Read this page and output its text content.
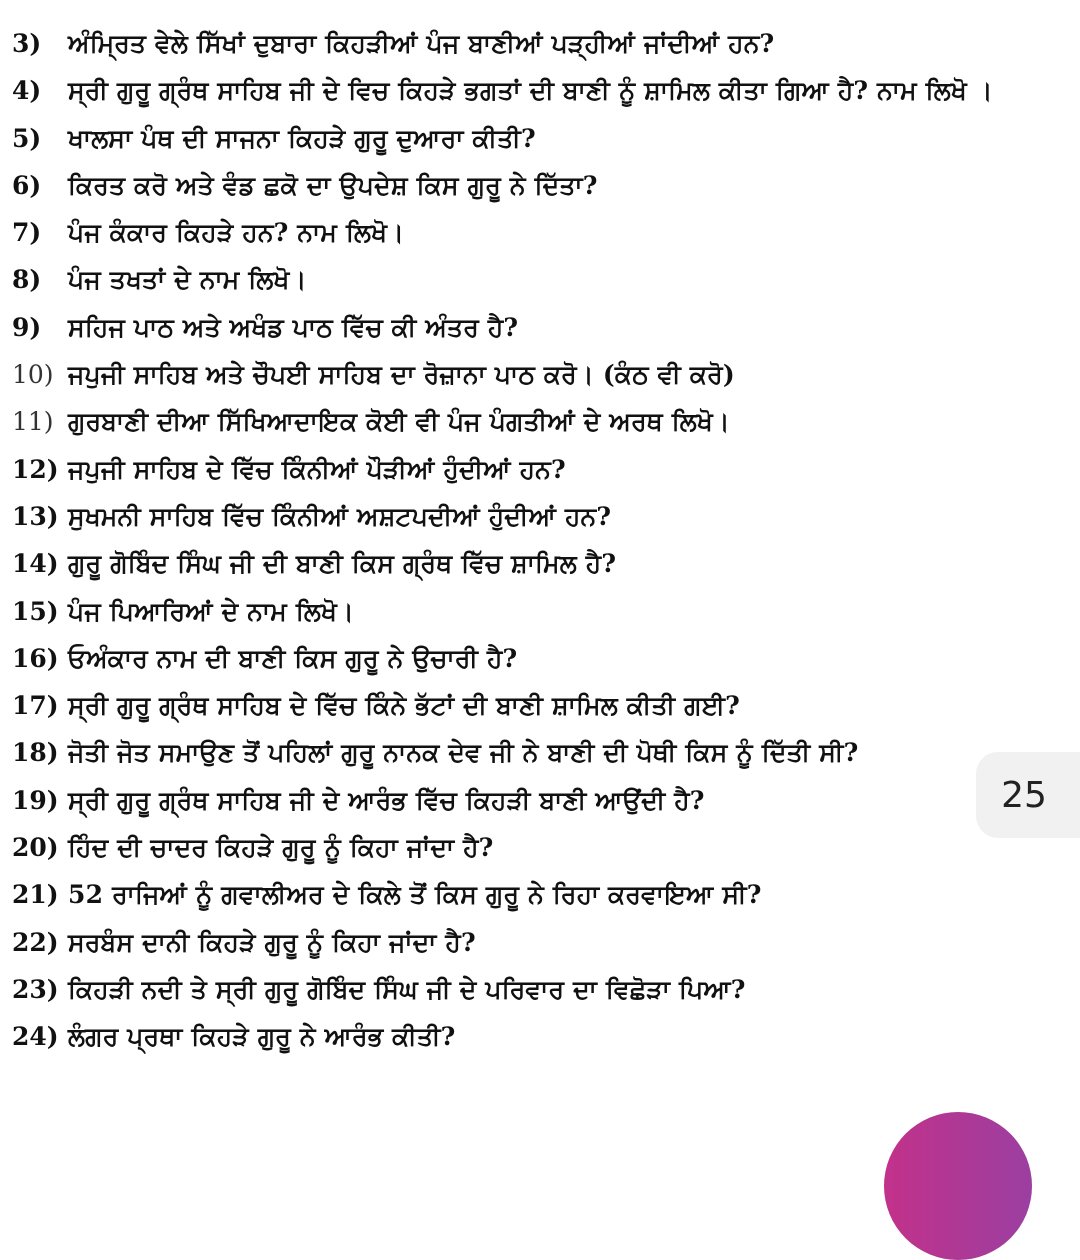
3)	ਅੰਮ੍ਰਿਤ ਵੇਲੇ ਸਿੱਖਾਂ ਦੁਬਾਰਾ ਕਿਹੜੀਆਂ ਪੰਜ ਬਾਣੀਆਂ ਪੜ੍ਹੀਆਂ ਜਾਂਦੀਆਂ ਹਨ?
4)	ਸ੍ਰੀ ਗੁਰੂ ਗ੍ਰੰਥ ਸਾਹਿਬ ਜੀ ਦੇ ਵਿਚ ਕਿਹੜੇ ਭਗਤਾਂ ਦੀ ਬਾਣੀ ਨੂੰ ਸ਼ਾਮਿਲ ਕੀਤਾ ਗਿਆ ਹੈ? ਨਾਮ ਲਿਖੋ ।
5)	ਖਾਲਸਾ ਪੰਥ ਦੀ ਸਾਜਨਾ ਕਿਹੜੇ ਗੁਰੂ ਦੁਆਰਾ ਕੀਤੀ?
6)	ਕਿਰਤ ਕਰੋ ਅਤੇ ਵੰਡ ਛਕੋ ਦਾ ਉਪਦੇਸ਼ ਕਿਸ ਗੁਰੂ ਨੇ ਦਿੱਤਾ?
7)	ਪੰਜ ਕੰਕਾਰ ਕਿਹੜੇ ਹਨ? ਨਾਮ ਲਿਖੋ।
8)	ਪੰਜ ਤਖਤਾਂ ਦੇ ਨਾਮ ਲਿਖੋ।
9)	ਸਹਿਜ ਪਾਠ ਅਤੇ ਅਖੰਡ ਪਾਠ ਵਿੱਚ ਕੀ ਅੰਤਰ ਹੈ?
10) ਜਪੁਜੀ ਸਾਹਿਬ ਅਤੇ ਚੌਪਈ ਸਾਹਿਬ ਦਾ ਰੋਜ਼ਾਨਾ ਪਾਠ ਕਰੋ। (ਕੰਠ ਵੀ ਕਰੋ)
11) ਗੁਰਬਾਣੀ ਦੀਆ ਸਿੱਖਿਆਦਾਇਕ ਕੋਈ ਵੀ ਪੰਜ ਪੰਗਤੀਆਂ ਦੇ ਅਰਥ ਲਿਖੋ।
12) ਜਪੁਜੀ ਸਾਹਿਬ ਦੇ ਵਿੱਚ ਕਿੰਨੀਆਂ ਪੌੜੀਆਂ ਹੁੰਦੀਆਂ ਹਨ?
13) ਸੁਖਮਨੀ ਸਾਹਿਬ ਵਿੱਚ ਕਿੰਨੀਆਂ ਅਸ਼ਟਪਦੀਆਂ ਹੁੰਦੀਆਂ ਹਨ?
14) ਗੁਰੂ ਗੋਬਿੰਦ ਸਿੰਘ ਜੀ ਦੀ ਬਾਣੀ ਕਿਸ ਗ੍ਰੰਥ ਵਿੱਚ ਸ਼ਾਮਿਲ ਹੈ?
15) ਪੰਜ ਪਿਆਰਿਆਂ ਦੇ ਨਾਮ ਲਿਖੋ।
16) ਓਅੰਕਾਰ ਨਾਮ ਦੀ ਬਾਣੀ ਕਿਸ ਗੁਰੂ ਨੇ ਉਚਾਰੀ ਹੈ?
17) ਸ੍ਰੀ ਗੁਰੂ ਗ੍ਰੰਥ ਸਾਹਿਬ ਦੇ ਵਿੱਚ ਕਿੰਨੇ ਭੱਟਾਂ ਦੀ ਬਾਣੀ ਸ਼ਾਮਿਲ ਕੀਤੀ ਗਈ?
18) ਜੋਤੀ ਜੋਤ ਸਮਾਉਣ ਤੋਂ ਪਹਿਲਾਂ ਗੁਰੂ ਨਾਨਕ ਦੇਵ ਜੀ ਨੇ ਬਾਣੀ ਦੀ ਪੋਥੀ ਕਿਸ ਨੂੰ ਦਿੱਤੀ ਸੀ?
19) ਸ੍ਰੀ ਗੁਰੂ ਗ੍ਰੰਥ ਸਾਹਿਬ ਜੀ ਦੇ ਆਰੰਭ ਵਿੱਚ ਕਿਹੜੀ ਬਾਣੀ ਆਉਂਦੀ ਹੈ?
20) ਹਿੰਦ ਦੀ ਚਾਦਰ ਕਿਹੜੇ ਗੁਰੂ ਨੂੰ ਕਿਹਾ ਜਾਂਦਾ ਹੈ?
21) 52 ਰਾਜਿਆਂ ਨੂੰ ਗਵਾਲੀਅਰ ਦੇ ਕਿਲੇ ਤੋਂ ਕਿਸ ਗੁਰੂ ਨੇ ਰਿਹਾ ਕਰਵਾਇਆ ਸੀ?
22) ਸਰਬੰਸ ਦਾਨੀ ਕਿਹੜੇ ਗੁਰੂ ਨੂੰ ਕਿਹਾ ਜਾਂਦਾ ਹੈ?
23) ਕਿਹੜੀ ਨਦੀ ਤੇ ਸ੍ਰੀ ਗੁਰੂ ਗੋਬਿੰਦ ਸਿੰਘ ਜੀ ਦੇ ਪਰਿਵਾਰ ਦਾ ਵਿਛੋੜਾ ਪਿਆ?
24) ਲੰਗਰ ਪ੍ਰਥਾ ਕਿਹੜੇ ਗੁਰੂ ਨੇ ਆਰੰਭ ਕੀਤੀ?
25
